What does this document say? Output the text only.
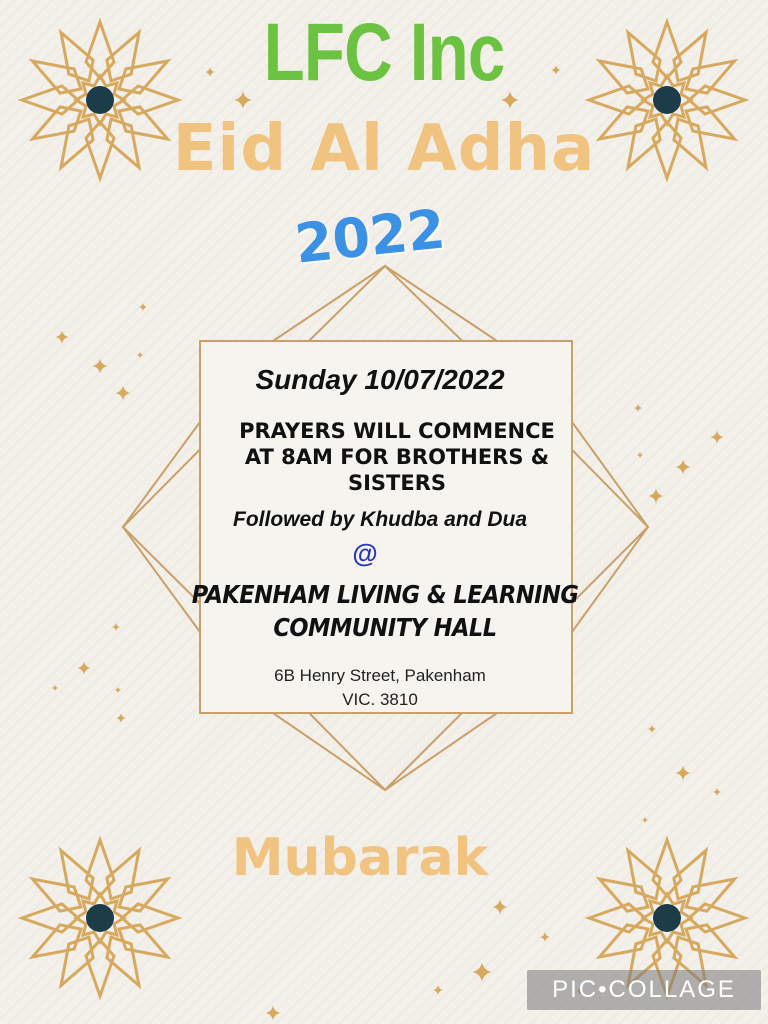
LFC Inc
Eid Al Adha
2022
Sunday 10/07/2022
PRAYERS WILL COMMENCE
AT 8AM FOR BROTHERS &
SISTERS
Followed by Khudba and Dua
@
PAKENHAM LIVING & LEARNING
COMMUNITY HALL
6B Henry Street, Pakenham
VIC. 3810
Mubarak
PIC•COLLAGE
